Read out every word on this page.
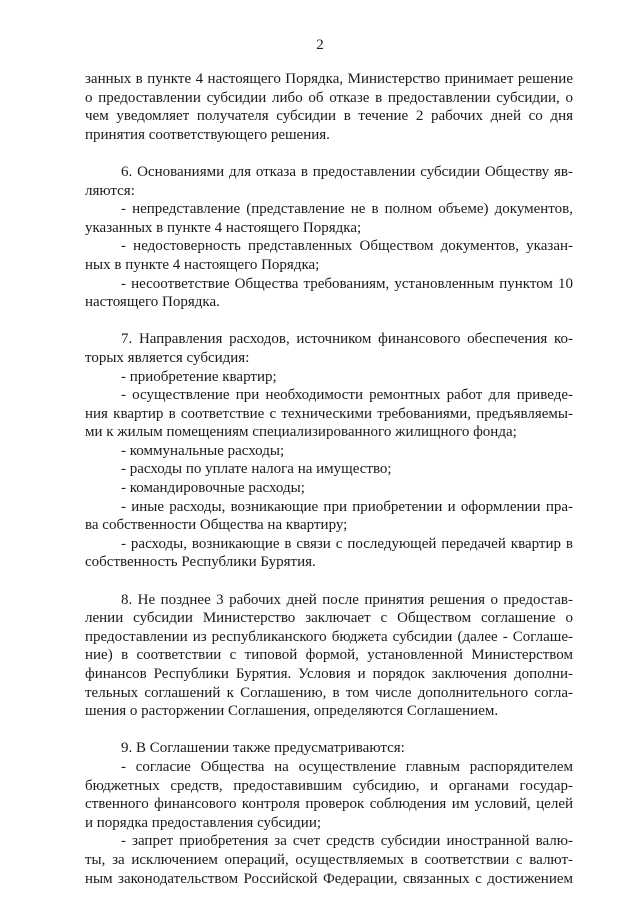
2
занных в пункте 4 настоящего Порядка, Министерство принимает решение
о предоставлении субсидии либо об отказе в предоставлении субсидии, о
чем уведомляет получателя субсидии в течение 2 рабочих дней со дня
принятия соответствующего решения.
6. Основаниями для отказа в предоставлении субсидии Обществу яв-
ляются:
- непредставление (представление не в полном объеме) документов,
указанных в пункте 4 настоящего Порядка;
- недостоверность представленных Обществом документов, указан-
ных в пункте 4 настоящего Порядка;
- несоответствие Общества требованиям, установленным пунктом 10
настоящего Порядка.
7. Направления расходов, источником финансового обеспечения ко-
торых является субсидия:
- приобретение квартир;
- осуществление при необходимости ремонтных работ для приведе-
ния квартир в соответствие с техническими требованиями, предъявляемы-
ми к жилым помещениям специализированного жилищного фонда;
- коммунальные расходы;
- расходы по уплате налога на имущество;
- командировочные расходы;
- иные расходы, возникающие при приобретении и оформлении пра-
ва собственности Общества на квартиру;
- расходы, возникающие в связи с последующей передачей квартир в
собственность Республики Бурятия.
8. Не позднее 3 рабочих дней после принятия решения о предостав-
лении субсидии Министерство заключает с Обществом соглашение о
предоставлении из республиканского бюджета субсидии (далее - Соглаше-
ние) в соответствии с типовой формой, установленной Министерством
финансов Республики Бурятия. Условия и порядок заключения дополни-
тельных соглашений к Соглашению, в том числе дополнительного согла-
шения о расторжении Соглашения, определяются Соглашением.
9. В Соглашении также предусматриваются:
- согласие Общества на осуществление главным распорядителем
бюджетных средств, предоставившим субсидию, и органами государ-
ственного финансового контроля проверок соблюдения им условий, целей
и порядка предоставления субсидии;
- запрет приобретения за счет средств субсидии иностранной валю-
ты, за исключением операций, осуществляемых в соответствии с валют-
ным законодательством Российской Федерации, связанных с достижением
